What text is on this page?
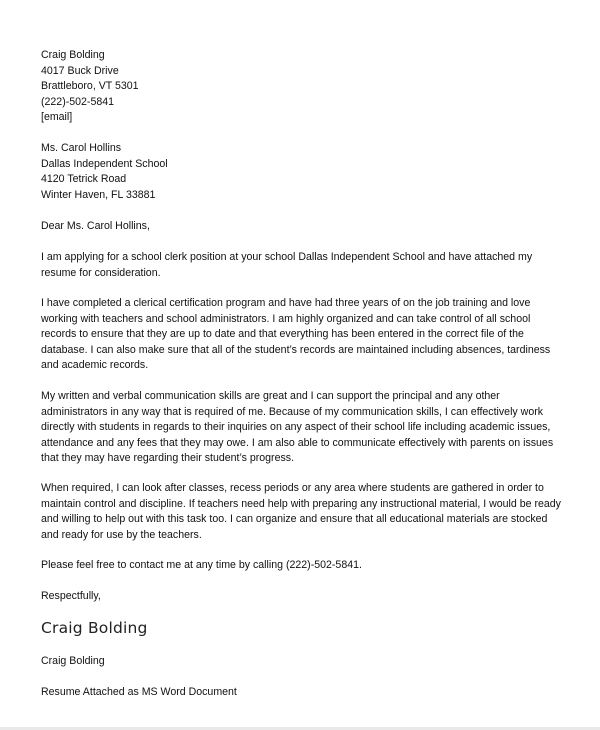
Craig Bolding
4017 Buck Drive
Brattleboro, VT 5301
(222)-502-5841
[email]
Ms. Carol Hollins
Dallas Independent School
4120 Tetrick Road
Winter Haven, FL 33881
Dear Ms. Carol Hollins,
I am applying for a school clerk position at your school Dallas Independent School and have attached my
resume for consideration.
I have completed a clerical certification program and have had three years of on the job training and love
working with teachers and school administrators. I am highly organized and can take control of all school
records to ensure that they are up to date and that everything has been entered in the correct file of the
database. I can also make sure that all of the student’s records are maintained including absences, tardiness
and academic records.
My written and verbal communication skills are great and I can support the principal and any other
administrators in any way that is required of me. Because of my communication skills, I can effectively work
directly with students in regards to their inquiries on any aspect of their school life including academic issues,
attendance and any fees that they may owe. I am also able to communicate effectively with parents on issues
that they may have regarding their student’s progress.
When required, I can look after classes, recess periods or any area where students are gathered in order to
maintain control and discipline. If teachers need help with preparing any instructional material, I would be ready
and willing to help out with this task too. I can organize and ensure that all educational materials are stocked
and ready for use by the teachers.
Please feel free to contact me at any time by calling (222)-502-5841.
Respectfully,
Craig Bolding
Craig Bolding
Resume Attached as MS Word Document
